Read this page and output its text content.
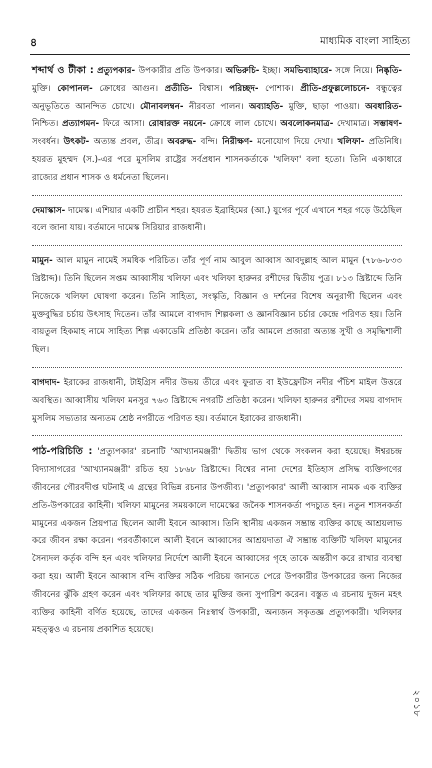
৪	মাধ্যমিক বাংলা সাহিত্য

শব্দার্থ ও টীকা : প্রত্যুপকার- উপকারীর প্রতি উপকার। অভিরুচি- ইচ্ছা। সমভিব্যাহারে- সঙ্গে নিয়ে। নিষ্কৃতি- মুক্তি। কোপানল- ক্রোধের আগুন। প্রতীতি- বিশ্বাস। পরিচ্ছদ- পোশাক। প্রীতি-প্রফুল্ললোচনে- বন্ধুত্বের অনুভূতিতে আনন্দিত চোখে। মৌনাবলম্বন- নীরবতা পালন। অব্যাহতি- মুক্তি, ছাড়া পাওয়া। অবধারিত- নিশ্চিত। প্রত্যাগমন- ফিরে আসা। রোষারক্ত নয়নে- ক্রোধে লাল চোখে। অবলোকনমাত্র- দেখামাত্র। সম্ভাষণ- সংবর্ধন। উৎকট- অত্যন্ত প্রবল, তীব্র। অবরুদ্ধ- বন্দি। নিরীক্ষণ- মনোযোগ দিয়ে দেখা। খলিফা- প্রতিনিধি। হযরত মুহম্মদ (স.)-এর পরে মুসলিম রাষ্ট্রের সর্বপ্রধান শাসনকর্তাকে 'খলিফা' বলা হতো। তিনি একাধারে রাজ্যের প্রধান শাসক ও ধর্মনেতা ছিলেন।

দেমাস্কাস- দামেস্ক। এশিয়ার একটি প্রাচীন শহর। হযরত ইব্রাহিমের (আ.) যুগের পূর্বে এখানে শহর গড়ে উঠেছিল বলে জানা যায়। বর্তমানে দামেস্ক সিরিয়ার রাজধানী।

মামুন- আল মামুন নামেই সমধিক পরিচিত। তাঁর পূর্ণ নাম আবুল আব্বাস আবদুল্লাহ আল মামুন (৭৮৬-৮৩৩ খ্রিষ্টাব্দ)। তিনি ছিলেন সপ্তম আব্বাসীয় খলিফা এবং খলিফা হারুনর রশীদের দ্বিতীয় পুত্র। ৮১৩ খ্রিষ্টাব্দে তিনি নিজেকে খলিফা ঘোষণা করেন। তিনি সাহিত্য, সংস্কৃতি, বিজ্ঞান ও দর্শনের বিশেষ অনুরাগী ছিলেন এবং মুক্তবুদ্ধির চর্চায় উৎসাহ দিতেন। তাঁর আমলে বাগদাদ শিল্পকলা ও জ্ঞানবিজ্ঞান চর্চার কেন্দ্রে পরিণত হয়। তিনি বায়তুল হিকমাহ নামে সাহিত্য শিল্প একাডেমি প্রতিষ্ঠা করেন। তাঁর আমলে প্রজারা অত্যন্ত সুখী ও সমৃদ্ধিশালী ছিল।

বাগদাদ- ইরাকের রাজধানী, টাইগ্রিস নদীর উভয় তীরে এবং ফুরাত বা ইউফ্রেটিস নদীর পঁচিশ মাইল উত্তরে অবস্থিত। আব্বাসীয় খলিফা মনসুর ৭৬৩ খ্রিষ্টাব্দে নগরটি প্রতিষ্ঠা করেন। খলিফা হারুনর রশীদের সময় বাগদাদ মুসলিম সভ্যতার অন্যতম শ্রেষ্ঠ নগরীতে পরিণত হয়। বর্তমানে ইরাকের রাজধানী।

পাঠ-পরিচিতি : 'প্রত্যুপকার' রচনাটি 'আখ্যানমঞ্জরী' দ্বিতীয় ভাগ থেকে সংকলন করা হয়েছে। ঈশ্বরচন্দ্র বিদ্যাসাগরের 'আখ্যানমঞ্জরী' রচিত হয় ১৮৬৮ খ্রিষ্টাব্দে। বিশ্বের নানা দেশের ইতিহাস প্রসিদ্ধ ব্যক্তিগণের জীবনের গৌরবদীপ্ত ঘটনাই এ গ্রন্থের বিভিন্ন রচনার উপজীব্য। 'প্রত্যুপকার' আলী আব্বাস নামক এক ব্যক্তির প্রতি-উপকারের কাহিনী। খলিফা মামুনের সময়কালে দামেস্কের জনৈক শাসনকর্তা পদচ্যুত হন। নতুন শাসনকর্তা মামুনের একজন প্রিয়পাত্র ছিলেন আলী ইবনে আব্বাস। তিনি স্থানীয় একজন সম্ভ্রান্ত ব্যক্তির কাছে আশ্রয়লাভ করে জীবন রক্ষা করেন। পরবর্তীকালে আলী ইবনে আব্বাসের আশ্রয়দাতা ঐ সম্ভ্রান্ত ব্যক্তিটি খলিফা মামুনের সৈন্যদল কর্তৃক বন্দি হন এবং খলিফার নির্দেশে আলী ইবনে আব্বাসের গৃহে তাকে অন্তরীণ করে রাখার ব্যবস্থা করা হয়। আলী ইবনে আব্বাস বন্দি ব্যক্তির সঠিক পরিচয় জানতে পেরে উপকারীর উপকারের জন্য নিজের জীবনের ঝুঁকি গ্রহণ করেন এবং খলিফার কাছে তার মুক্তির জন্য সুপারিশ করেন। বস্তুত এ রচনায় দুজন মহৎ ব্যক্তির কাহিনী বর্ণিত হয়েছে, তাদের একজন নিঃস্বার্থ উপকারী, অন্যজন সকৃতজ্ঞ প্রত্যুপকারী। খলিফার মহত্ত্বও এ রচনায় প্রকাশিত হয়েছে।

২০১৮
